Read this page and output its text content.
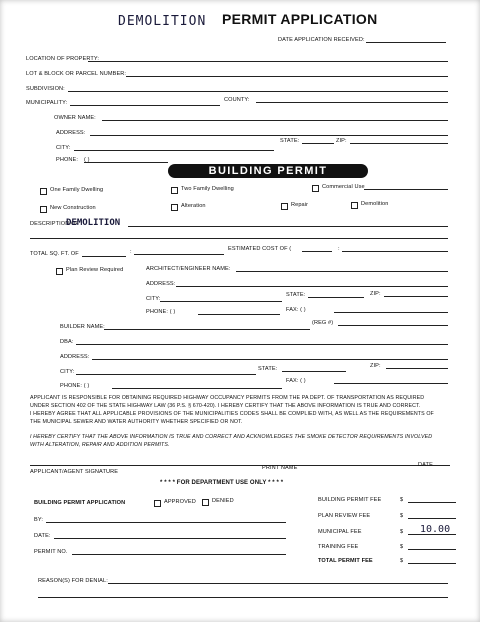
DEMOLITION PERMIT APPLICATION
DATE APPLICATION RECEIVED:
LOCATION OF PROPERTY:
LOT & BLOCK OR PARCEL NUMBER:
SUBDIVISION:
MUNICIPALITY:	COUNTY:
OWNER NAME:
ADDRESS:
CITY:
STATE:	ZIP:
PHONE: ( )
BUILDING PERMIT
One Family Dwelling	Two Family Dwelling	Commercial Use
New Construction	Alteration	Repair	Demolition
DESCRIPTION OF
DEMOLITION
TOTAL SQ. FT. OF	:	ESTIMATED COST OF (	:
Plan Review Required	ARCHITECT/ENGINEER NAME:
ADDRESS:
CITY:
STATE:	ZIP:
PHONE: ( )	FAX: ( )
BUILDER NAME:
(REG #)
DBA:
ADDRESS:
CITY:	STATE:	ZIP:
PHONE: ( )
FAX: ( )
APPLICANT IS RESPONSIBLE FOR OBTAINING REQUIRED HIGHWAY OCCUPANCY PERMITS FROM THE PA DEPT. OF TRANSPORTATION AS REQUIRED
UNDER SECTION 402 OF THE STATE HIGHWAY LAW (36 P.S. § 670-420). I HEREBY CERTIFY THAT THE ABOVE INFORMATION IS TRUE AND CORRECT.
I HEREBY AGREE THAT ALL APPLICABLE PROVISIONS OF THE MUNICIPALITIES CODES SHALL BE COMPLIED WITH, AS WELL AS THE REQUIREMENTS OF
THE MUNICIPAL SEWER AND WATER AUTHORITY WHETHER SPECIFIED OR NOT.
I HEREBY CERTIFY THAT THE ABOVE INFORMATION IS TRUE AND CORRECT AND ACKNOWLEDGES THE SMOKE DETECTOR REQUIREMENTS INVOLVED
WITH ALTERATION, REPAIR AND ADDITION PERMITS.
APPLICANT/AGENT SIGNATURE
PRINT NAME	DATE
* * * * FOR DEPARTMENT USE ONLY * * * *
BUILDING PERMIT APPLICATION	APPROVED	DENIED
BY:
DATE:
PERMIT NO.
BUILDING PERMIT FEE	$
PLAN REVIEW FEE	$
MUNICIPAL FEE	$ 10.00
TRAINING FEE	$
TOTAL PERMIT FEE	$
REASON(S) FOR DENIAL:
